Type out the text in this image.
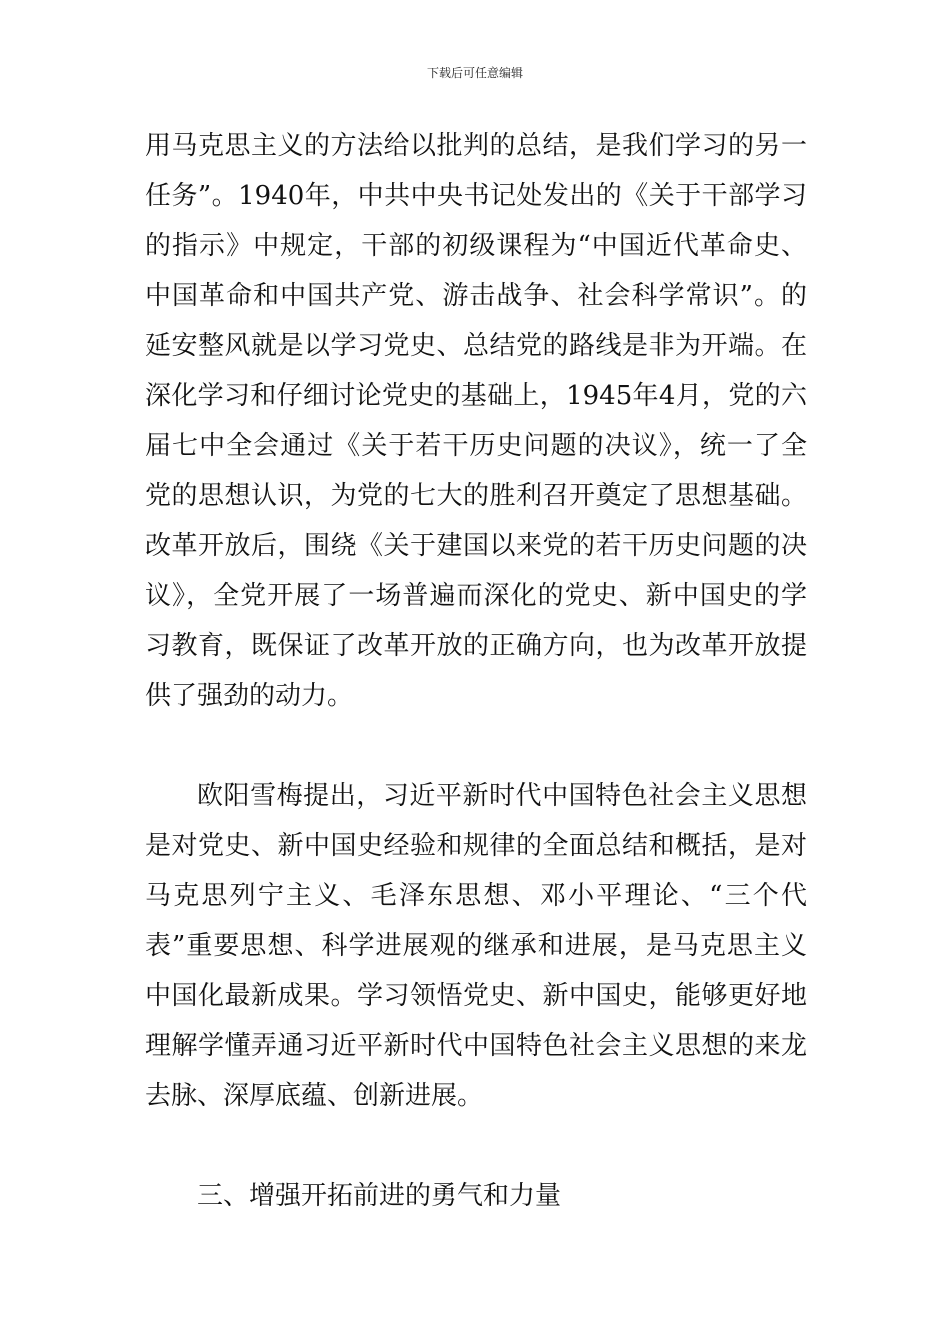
下载后可任意编辑

用马克思主义的方法给以批判的总结，是我们学习的另一任务”。1940年，中共中央书记处发出的《关于干部学习的指示》中规定，干部的初级课程为“中国近代革命史、中国革命和中国共产党、游击战争、社会科学常识”。的延安整风就是以学习党史、总结党的路线是非为开端。在深化学习和仔细讨论党史的基础上，1945年4月，党的六届七中全会通过《关于若干历史问题的决议》，统一了全党的思想认识，为党的七大的胜利召开奠定了思想基础。改革开放后，围绕《关于建国以来党的若干历史问题的决议》，全党开展了一场普遍而深化的党史、新中国史的学习教育，既保证了改革开放的正确方向，也为改革开放提供了强劲的动力。

欧阳雪梅提出，习近平新时代中国特色社会主义思想是对党史、新中国史经验和规律的全面总结和概括，是对马克思列宁主义、毛泽东思想、邓小平理论、“三个代表”重要思想、科学进展观的继承和进展，是马克思主义中国化最新成果。学习领悟党史、新中国史，能够更好地理解学懂弄通习近平新时代中国特色社会主义思想的来龙去脉、深厚底蕴、创新进展。

三、增强开拓前进的勇气和力量
